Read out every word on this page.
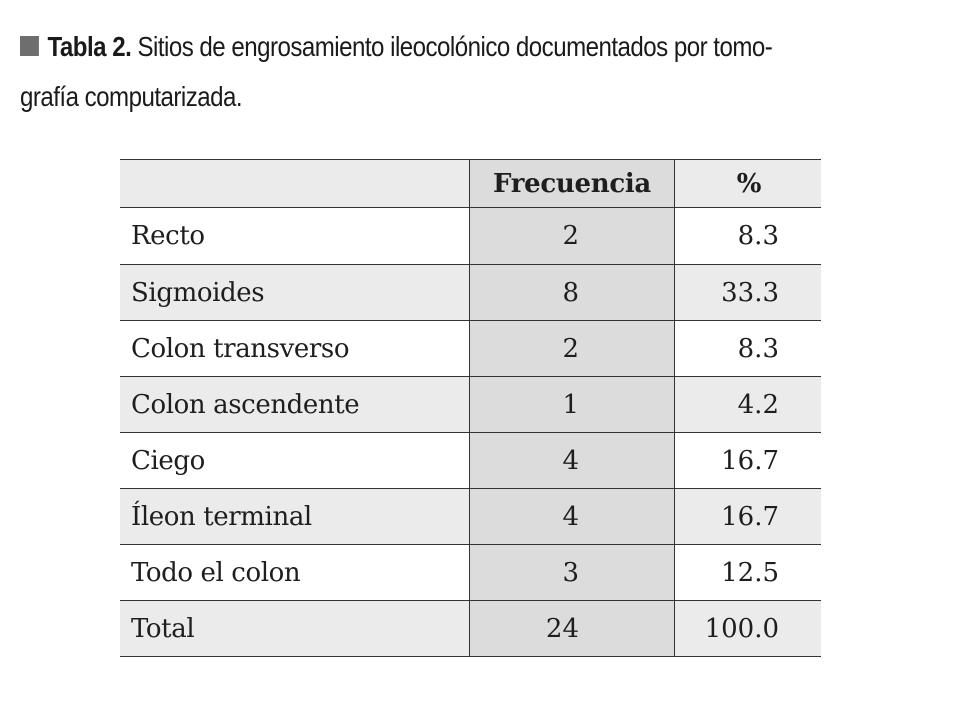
Tabla 2. Sitios de engrosamiento ileocolónico documentados por tomo-
grafía computarizada.
	Frecuencia	%
Recto	2	8.3
Sigmoides	8	33.3
Colon transverso	2	8.3
Colon ascendente	1	4.2
Ciego	4	16.7
Íleon terminal	4	16.7
Todo el colon	3	12.5
Total	24	100.0
